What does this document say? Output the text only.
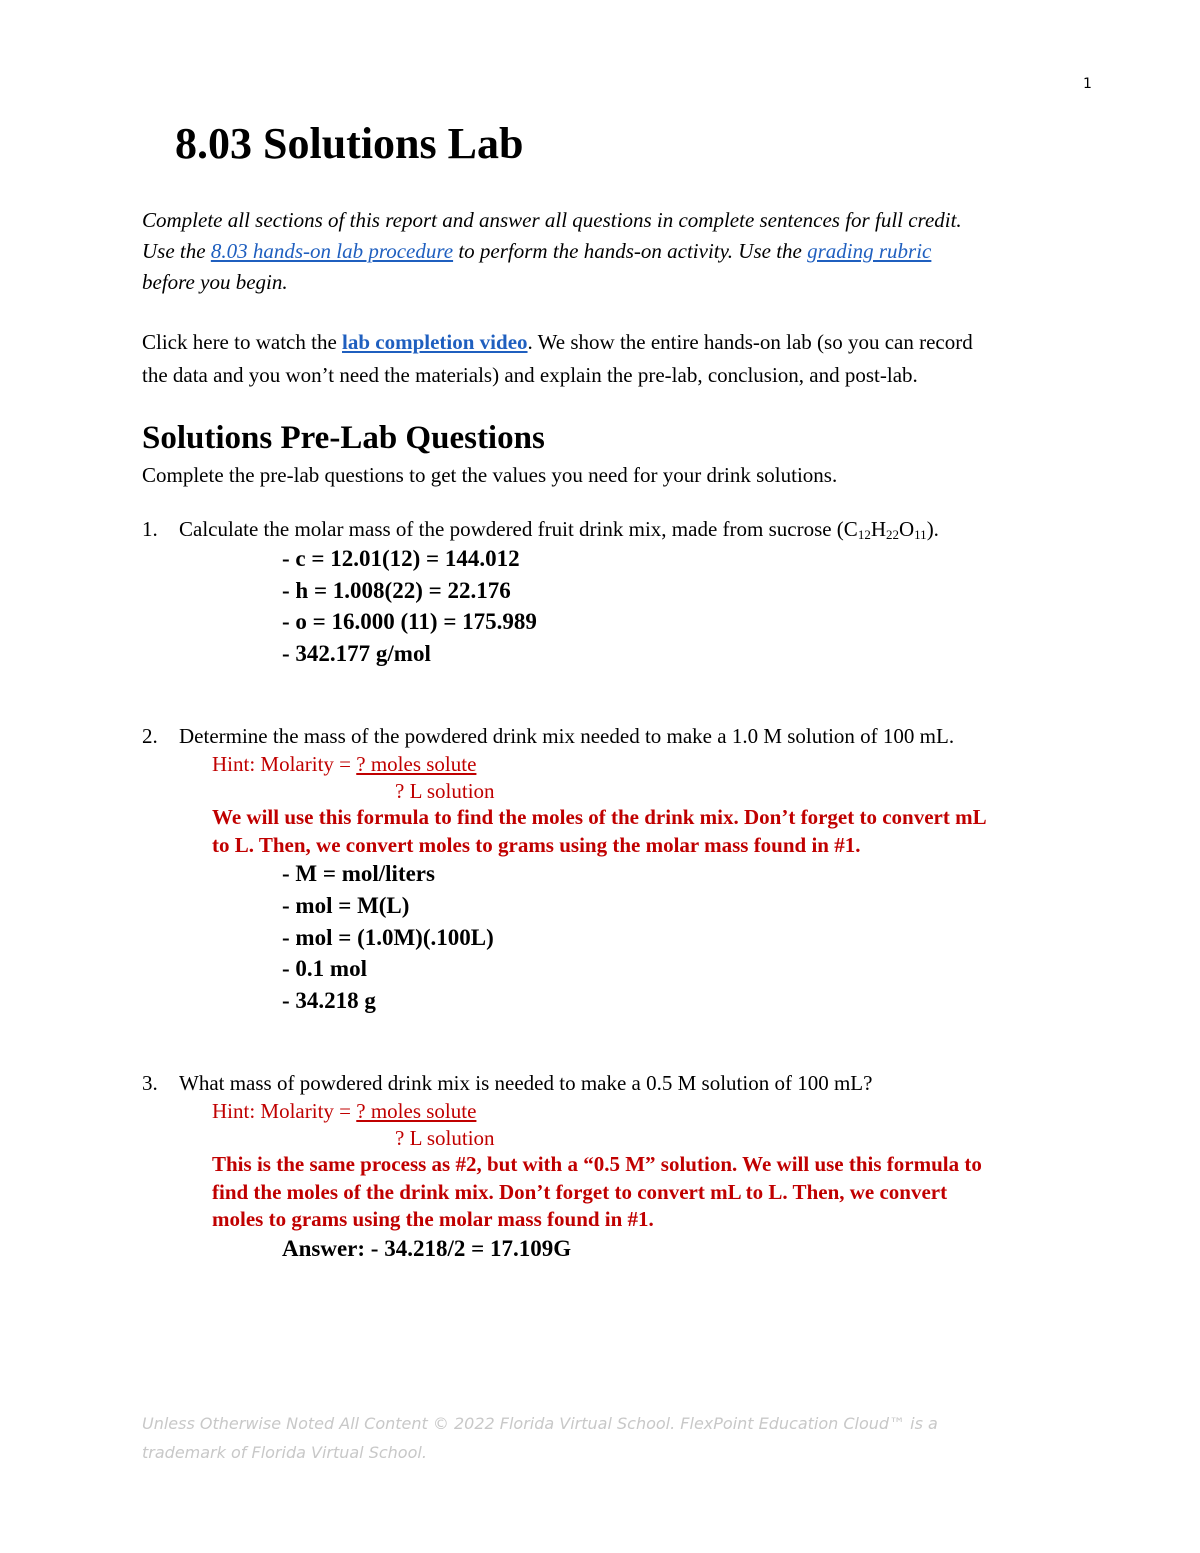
1
8.03 Solutions Lab
Complete all sections of this report and answer all questions in complete sentences for full credit.
Use the 8.03 hands-on lab procedure to perform the hands-on activity. Use the grading rubric
before you begin.
Click here to watch the lab completion video. We show the entire hands-on lab (so you can record
the data and you won’t need the materials) and explain the pre-lab, conclusion, and post-lab.
Solutions Pre-Lab Questions
Complete the pre-lab questions to get the values you need for your drink solutions.
1. Calculate the molar mass of the powdered fruit drink mix, made from sucrose $(C_{12}H_{22}O_{11})$.
- c = 12.01(12) = 144.012
- h = 1.008(22) = 22.176
- o = 16.000 (11) = 175.989
- 342.177 g/mol
2. Determine the mass of the powdered drink mix needed to make a 1.0 M solution of 100 mL.
Hint: Molarity = ? moles solute
? L solution
We will use this formula to find the moles of the drink mix. Don’t forget to convert mL
to L. Then, we convert moles to grams using the molar mass found in #1.
- M = mol/liters
- mol = M(L)
- mol = (1.0M)(.100L)
- 0.1 mol
- 34.218 g
3. What mass of powdered drink mix is needed to make a 0.5 M solution of 100 mL?
Hint: Molarity = ? moles solute
? L solution
This is the same process as #2, but with a “0.5 M” solution. We will use this formula to
find the moles of the drink mix. Don’t forget to convert mL to L. Then, we convert
moles to grams using the molar mass found in #1.
Answer: - 34.218/2 = 17.109G
Unless Otherwise Noted All Content © 2022 Florida Virtual School. FlexPoint Education Cloud™ is a
trademark of Florida Virtual School.
